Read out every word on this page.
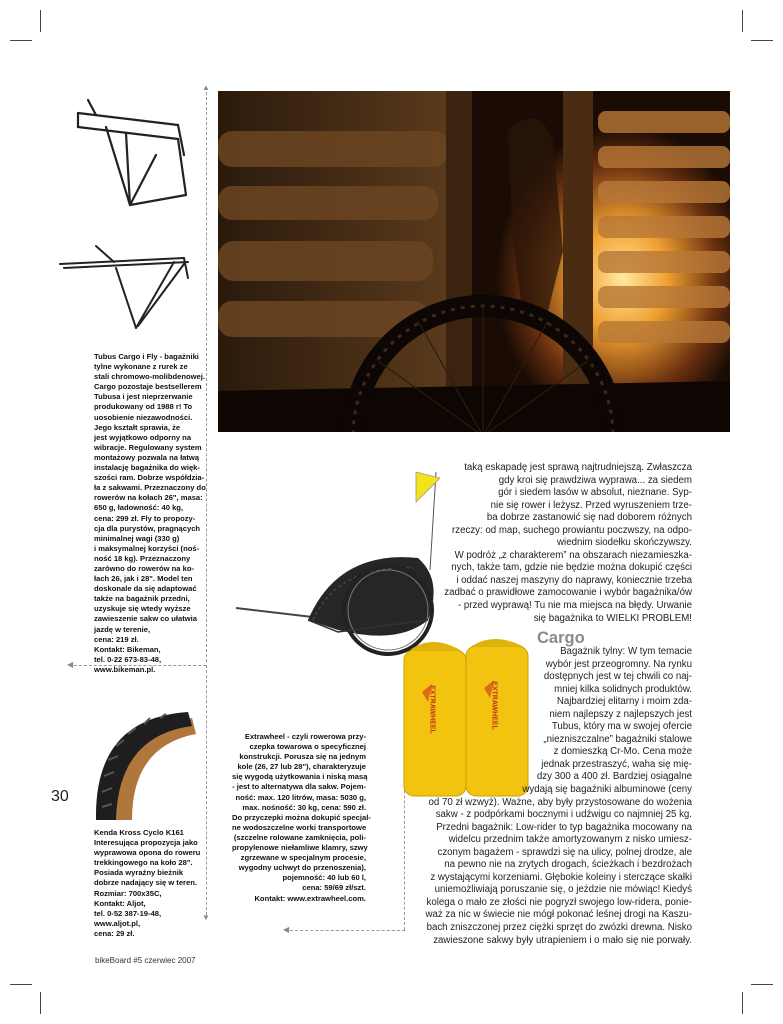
Tubus Cargo i Fly - bagażniki
tylne wykonane z rurek ze
stali chromowo-molibdenowej.
Cargo pozostaje bestsellerem
Tubusa i jest nieprzerwanie
produkowany od 1988 r! To
uosobienie niezawodności.
Jego kształt sprawia, że
jest wyjątkowo odporny na
wibracje. Regulowany system
montażowy pozwala na łatwą
instalację bagażnika do więk-
szości ram. Dobrze współdzia-
ła z sakwami. Przeznaczony do
rowerów na kołach 26", masa:
650 g, ładowność: 40 kg,
cena: 299 zł. Fly to propozy-
cja dla purystów, pragnących
minimalnej wagi (330 g)
i maksymalnej korzyści (noś-
ność 18 kg). Przeznaczony
zarówno do rowerów na ko-
łach 26, jak i 28". Model ten
doskonale da się adaptować
także na bagażnik przedni,
uzyskuje się wtedy wyższe
zawieszenie sakw co ułatwia
jazdę w terenie,
cena: 219 zł.
Kontakt: Bikeman,
tel. 0-22 673-83-48,
www.bikeman.pl.
▲
◀
▼
◀
Kenda Kross Cyclo K161
Interesująca propozycja jako
wyprawowa opona do roweru
trekkingowego na koło 28".
Posiada wyraźny bieżnik
dobrze nadający się w teren.
Rozmiar: 700x35C,
Kontakt: Aljot,
tel. 0-52 387-19-48,
www.aljot.pl,
cena: 29 zł.
EXTRAWHEEL	EXTRAWHEEL
Extrawheel - czyli rowerowa przy-
czepka towarowa o specyficznej
konstrukcji. Porusza się na jednym
kole (26, 27 lub 28"), charakteryzuje
się wygodą użytkowania i niską masą
- jest to alternatywa dla sakw. Pojem-
ność: max. 120 litrów, masa: 5030 g,
max. nośność: 30 kg, cena: 590 zł.
Do przyczepki można dokupić specjal-
ne wodoszczelne worki transportowe
(szczelne rolowane zamknięcia, poli-
propylenowe niełamliwe klamry, szwy
zgrzewane w specjalnym procesie,
wygodny uchwyt do przenoszenia),
pojemność: 40 lub 60 l,
cena: 59/69 zł/szt.
Kontakt: www.extrawheel.com.
taką eskapadę jest sprawą najtrudniejszą. Zwłaszcza
gdy kroi się prawdziwa wyprawa... za siedem
gór i siedem lasów w absolut, nieznane. Syp-
nie się rower i leżysz. Przed wyruszeniem trze-
ba dobrze zastanowić się nad doborem różnych
rzeczy: od map, suchego prowiantu poczwszy, na odpo-
wiednim siodełku skończywszy.
W podróż „z charakterem” na obszarach niezamieszka-
nych, także tam, gdzie nie będzie można dokupić części
i oddać naszej maszyny do naprawy, koniecznie trzeba
zadbać o prawidłowe zamocowanie i wybór bagażnika/ów
- przed wyprawą! Tu nie ma miejsca na błędy. Urwanie
się bagażnika to WIELKI PROBLEM!
Cargo
Bagażnik tylny: W tym temacie
wybór jest przeogromny. Na rynku
dostępnych jest w tej chwili co naj-
mniej kilka solidnych produktów.
Najbardziej elitarny i moim zda-
niem najlepszy z najlepszych jest
Tubus, który ma w swojej ofercie
„niezniszczalne” bagażniki stalowe
z domieszką Cr-Mo. Cena może
jednak przestraszyć, waha się mię-
dzy 300 a 400 zł. Bardziej osiągalne
wydają się bagażniki albuminowe (ceny
od 70 zł wzwyż). Ważne, aby były przystosowane do wożenia
sakw - z podpórkami bocznymi i udźwigu co najmniej 25 kg.
Przedni bagażnik: Low-rider to typ bagażnika mocowany na
widelcu przednim także amortyzowanym z nisko umiesz-
czonym bagażem - sprawdzi się na ulicy, polnej drodze, ale
na pewno nie na zrytych drogach, ścieżkach i bezdrożach
z wystającymi korzeniami. Głębokie koleiny i sterczące skałki
uniemożliwiają poruszanie się, o jeżdzie nie mówiąc! Kiedyś
kolega o mało ze złości nie pogryzł swojego low-ridera, ponie-
waż za nic w świecie nie mógł pokonać leśnej drogi na Kaszu-
bach zniszczonej przez ciężki sprzęt do zwózki drewna. Nisko
zawieszone sakwy były utrapieniem i o mało się nie porwały.
30
bikeBoard #5 czerwiec 2007
